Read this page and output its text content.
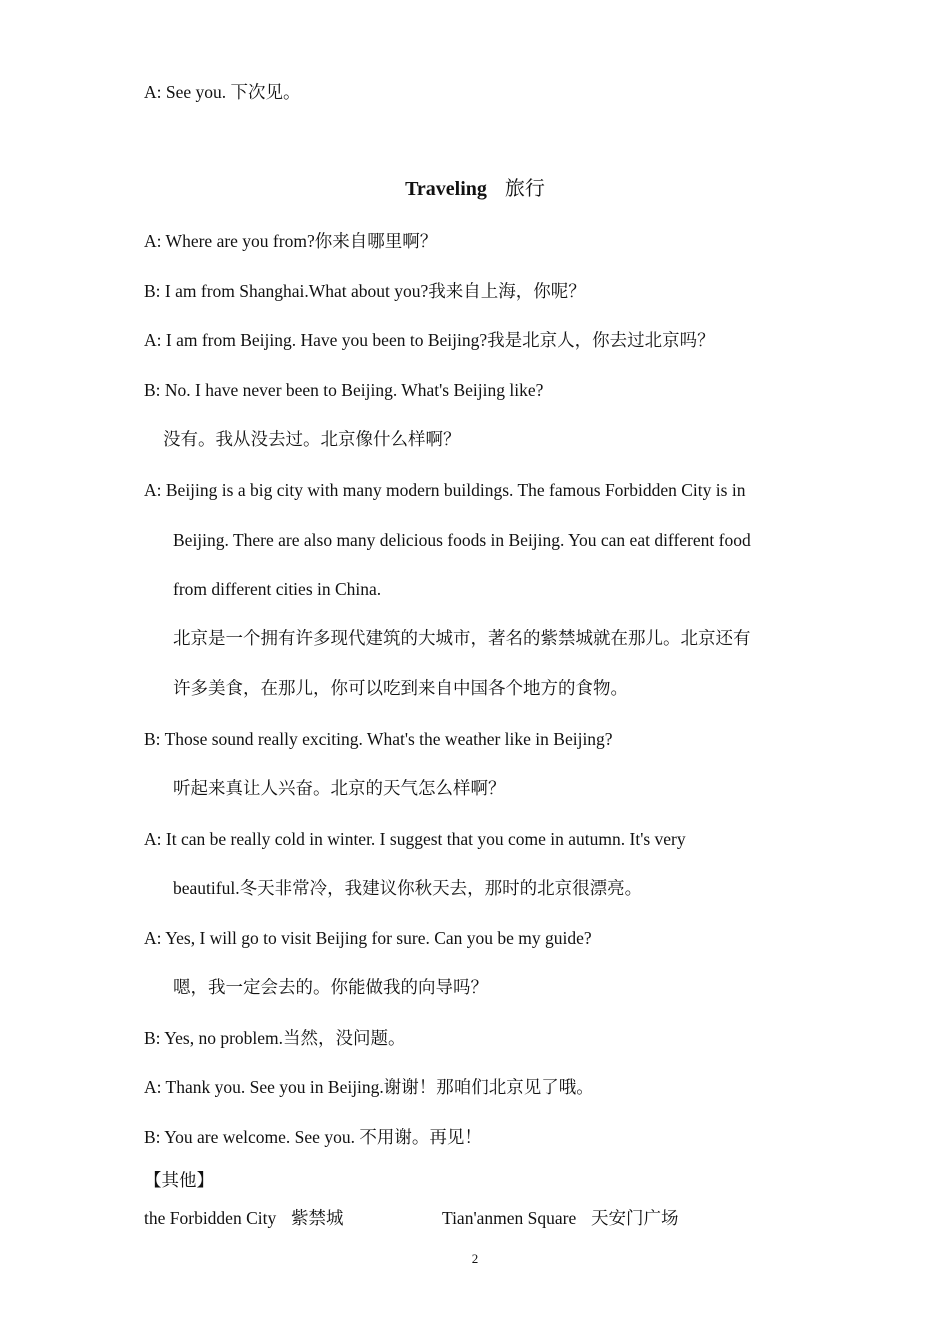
A: See you. 下次见。
Traveling 旅行
A: Where are you from?你来自哪里啊？
B: I am from Shanghai.What about you?我来自上海，你呢？
A: I am from Beijing. Have you been to Beijing?我是北京人，你去过北京吗？
B: No. I have never been to Beijing. What's Beijing like?
没有。我从没去过。北京像什么样啊？
A: Beijing is a big city with many modern buildings. The famous Forbidden City is in
Beijing. There are also many delicious foods in Beijing. You can eat different food
from different cities in China.
北京是一个拥有许多现代建筑的大城市，著名的紫禁城就在那儿。北京还有
许多美食，在那儿，你可以吃到来自中国各个地方的食物。
B: Those sound really exciting. What's the weather like in Beijing?
听起来真让人兴奋。北京的天气怎么样啊？
A: It can be really cold in winter. I suggest that you come in autumn. It's very
beautiful.冬天非常冷，我建议你秋天去，那时的北京很漂亮。
A: Yes, I will go to visit Beijing for sure. Can you be my guide?
嗯，我一定会去的。你能做我的向导吗？
B: Yes, no problem.当然，没问题。
A: Thank you. See you in Beijing.谢谢！那咱们北京见了哦。
B: You are welcome. See you. 不用谢。再见！
【其他】
the Forbidden City 紫禁城	Tian'anmen Square 天安门广场
2
